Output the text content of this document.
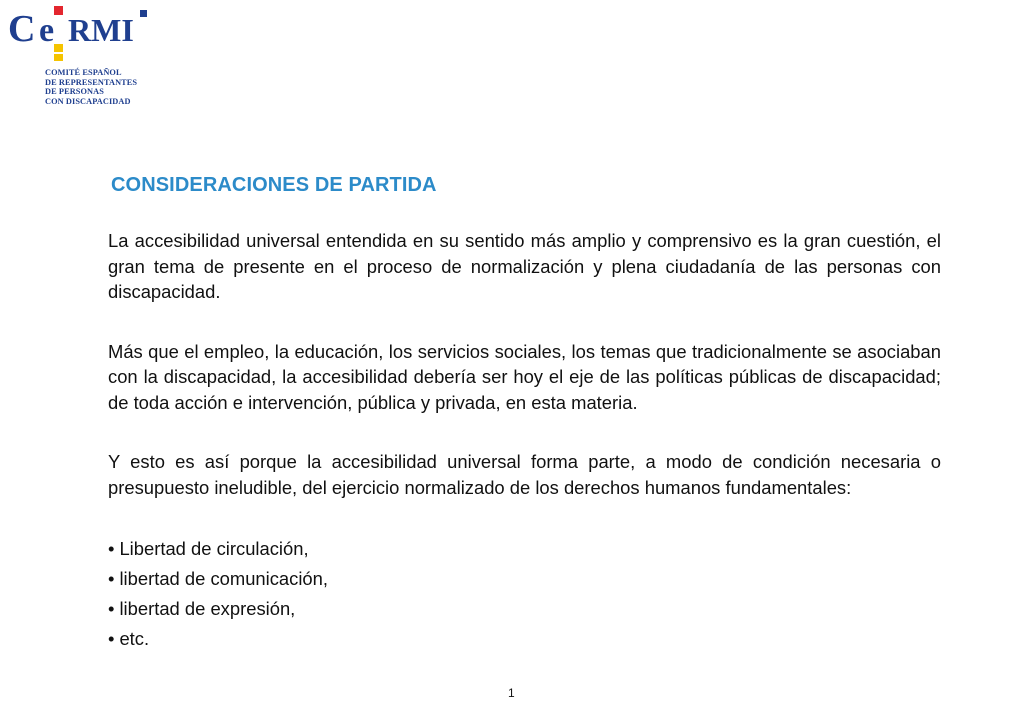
C e RMI
COMITÉ ESPAÑOL
DE REPRESENTANTES
DE PERSONAS
CON DISCAPACIDAD
CONSIDERACIONES DE PARTIDA

La accesibilidad universal entendida en su sentido más amplio y comprensivo es la gran cuestión, el gran tema de presente en el proceso de normalización y plena ciudadanía de las personas con discapacidad.

Más que el empleo, la educación, los servicios sociales, los temas que tradicionalmente se asociaban con la discapacidad, la accesibilidad debería ser hoy el eje de las políticas públicas de discapacidad; de toda acción e intervención, pública y privada, en esta materia.

Y esto es así porque la accesibilidad universal forma parte, a modo de condición necesaria o presupuesto ineludible, del ejercicio normalizado de los derechos humanos fundamentales:

• Libertad de circulación,
• libertad de comunicación,
• libertad de expresión,
• etc.
1
